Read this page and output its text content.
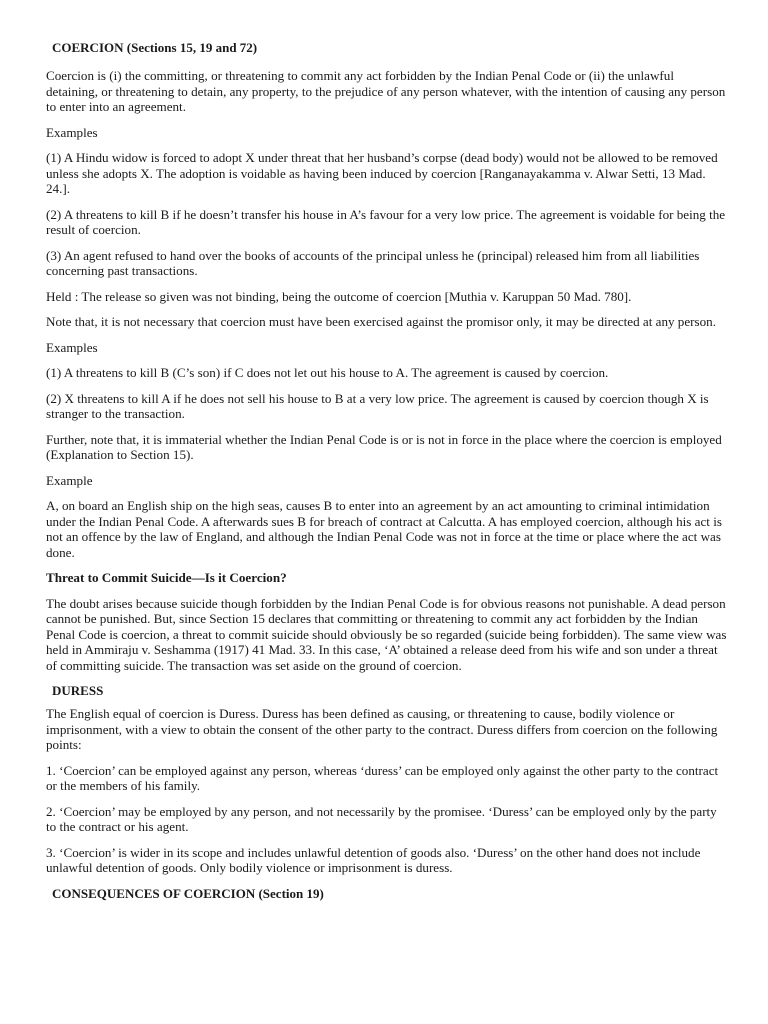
COERCION (Sections 15, 19 and 72)
Coercion is (i) the committing, or threatening to commit any act forbidden by the Indian Penal Code or (ii) the unlawful detaining, or threatening to detain, any property, to the prejudice of any person whatever, with the intention of causing any person to enter into an agreement.
Examples
(1) A Hindu widow is forced to adopt X under threat that her husband’s corpse (dead body) would not be allowed to be removed unless she adopts X. The adoption is voidable as having been induced by coercion [Ranganayakamma v. Alwar Setti, 13 Mad. 24.].
(2) A threatens to kill B if he doesn’t transfer his house in A’s favour for a very low price. The agreement is voidable for being the result of coercion.
(3) An agent refused to hand over the books of accounts of the principal unless he (principal) released him from all liabilities concerning past transactions.
Held : The release so given was not binding, being the outcome of coercion [Muthia v. Karuppan 50 Mad. 780].
Note that, it is not necessary that coercion must have been exercised against the promisor only, it may be directed at any person.
Examples
(1) A threatens to kill B (C’s son) if C does not let out his house to A. The agreement is caused by coercion.
(2) X threatens to kill A if he does not sell his house to B at a very low price. The agreement is caused by coercion though X is stranger to the transaction.
Further, note that, it is immaterial whether the Indian Penal Code is or is not in force in the place where the coercion is employed (Explanation to Section 15).
Example
A, on board an English ship on the high seas, causes B to enter into an agreement by an act amounting to criminal intimidation under the Indian Penal Code. A afterwards sues B for breach of contract at Calcutta. A has employed coercion, although his act is not an offence by the law of England, and although the Indian Penal Code was not in force at the time or place where the act was done.
Threat to Commit Suicide—Is it Coercion?
The doubt arises because suicide though forbidden by the Indian Penal Code is for obvious reasons not punishable. A dead person cannot be punished. But, since Section 15 declares that committing or threatening to commit any act forbidden by the Indian Penal Code is coercion, a threat to commit suicide should obviously be so regarded (suicide being forbidden). The same view was held in Ammiraju v. Seshamma (1917) 41 Mad. 33. In this case, ‘A’ obtained a release deed from his wife and son under a threat of committing suicide. The transaction was set aside on the ground of coercion.
DURESS
The English equal of coercion is Duress. Duress has been defined as causing, or threatening to cause, bodily violence or imprisonment, with a view to obtain the consent of the other party to the contract. Duress differs from coercion on the following points:
1. ‘Coercion’ can be employed against any person, whereas ‘duress’ can be employed only against the other party to the contract or the members of his family.
2. ‘Coercion’ may be employed by any person, and not necessarily by the promisee. ‘Duress’ can be employed only by the party to the contract or his agent.
3. ‘Coercion’ is wider in its scope and includes unlawful detention of goods also. ‘Duress’ on the other hand does not include unlawful detention of goods. Only bodily violence or imprisonment is duress.
CONSEQUENCES OF COERCION (Section 19)
